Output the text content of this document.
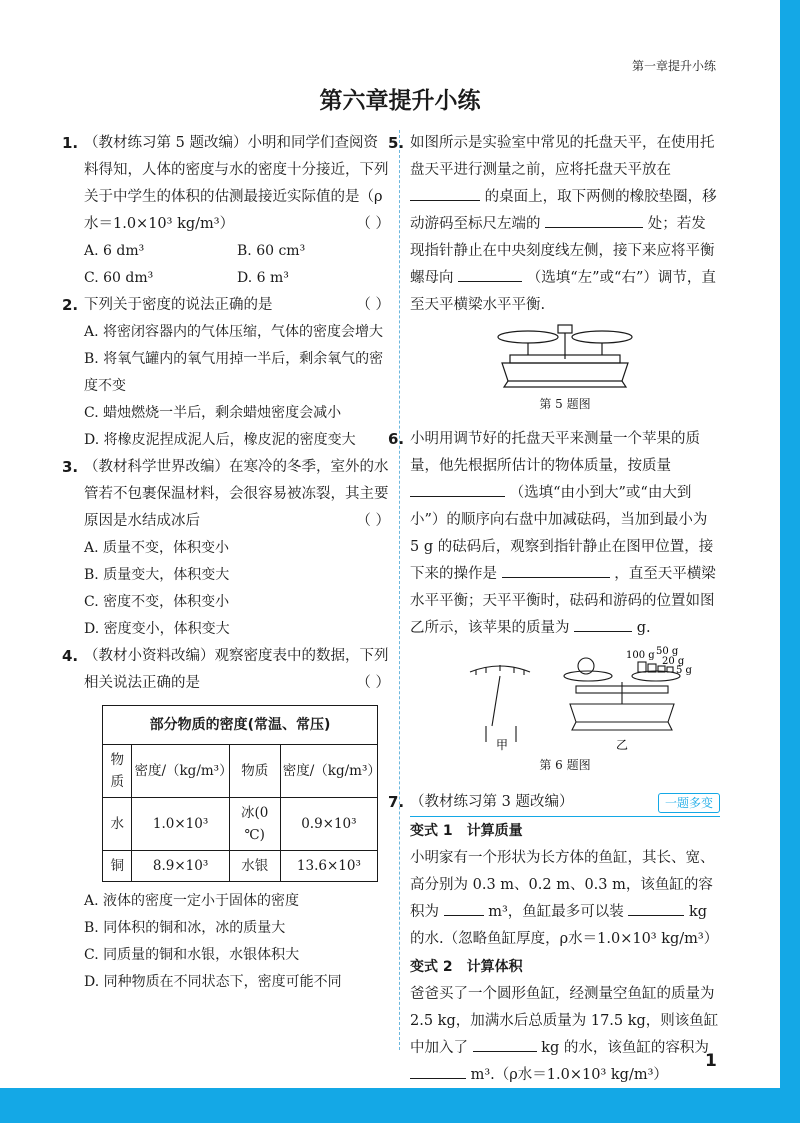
第一章提升小练
第六章提升小练
1. （教材练习第 5 题改编）小明和同学们查阅资料得知，人体的密度与水的密度十分接近，下列关于中学生的体积的估测最接近实际值的是（ρ水＝1.0×10³ kg/m³）	（ ）
A. 6 dm³	B. 60 cm³
C. 60 dm³	D. 6 m³
2. 下列关于密度的说法正确的是	（ ）
A. 将密闭容器内的气体压缩，气体的密度会增大
B. 将氧气罐内的氧气用掉一半后，剩余氧气的密度不变
C. 蜡烛燃烧一半后，剩余蜡烛密度会减小
D. 将橡皮泥捏成泥人后，橡皮泥的密度变大
3. （教材科学世界改编）在寒冷的冬季，室外的水管若不包裹保温材料，会很容易被冻裂，其主要原因是水结成冰后	（ ）
A. 质量不变，体积变小
B. 质量变大，体积变大
C. 密度不变，体积变小
D. 密度变小，体积变大
4. （教材小资料改编）观察密度表中的数据，下列相关说法正确的是	（ ）
部分物质的密度(常温、常压)			
物质	密度/（kg/m³）	物质	密度/（kg/m³）
水	1.0×10³	冰(0 ℃)	0.9×10³
铜	8.9×10³	水银	13.6×10³
A. 液体的密度一定小于固体的密度
B. 同体积的铜和冰，冰的质量大
C. 同质量的铜和水银，水银体积大
D. 同种物质在不同状态下，密度可能不同
5. 如图所示是实验室中常见的托盘天平，在使用托盘天平进行测量之前，应将托盘天平放在  的桌面上，取下两侧的橡胶垫圈，移动游码至标尺左端的	处；若发现指针静止在中央刻度线左侧，接下来应将平衡螺母向	（选填“左”或“右”）调节，直至天平横梁水平平衡.
第 5 题图
6. 小明用调节好的托盘天平来测量一个苹果的质量，他先根据所估计的物体质量，按质量  （选填“由小到大”或“由大到小”）的顺序向右盘中加减砝码，当加到最小为 5 g 的砝码后，观察到指针静止在图甲位置，接下来的操作是	，直至天平横梁水平平衡；天平平衡时，砝码和游码的位置如图乙所示，该苹果的质量为	g.
100 g 50 g
20 g
5 g
甲	乙
第 6 题图
7. （教材练习第 3 题改编）	一题多变
变式 1　计算质量
小明家有一个形状为长方体的鱼缸，其长、宽、高分别为 0.3 m、0.2 m、0.3 m，该鱼缸的容积为	m³，鱼缸最多可以装	kg 的水.（忽略鱼缸厚度，ρ水＝1.0×10³ kg/m³）
变式 2　计算体积
爸爸买了一个圆形鱼缸，经测量空鱼缸的质量为 2.5 kg，加满水后总质量为 17.5 kg，则该鱼缸中加入了	kg 的水，该鱼缸的容积为  m³.（ρ水＝1.0×10³ kg/m³）
1
